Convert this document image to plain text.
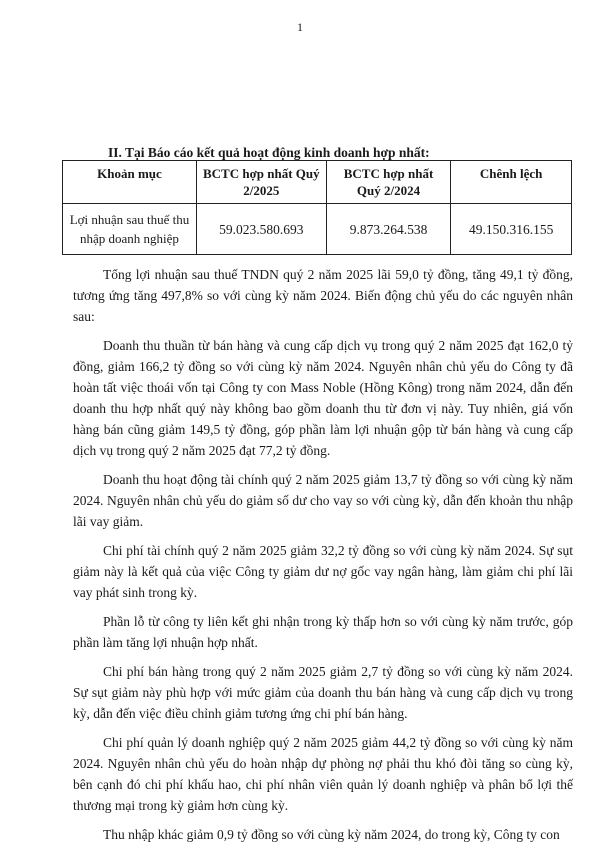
1
II. Tại Báo cáo kết quả hoạt động kinh doanh hợp nhất:
Khoản mục	BCTC hợp nhất Quý 2/2025	BCTC hợp nhất Quý 2/2024	Chênh lệch
Lợi nhuận sau thuế thu nhập doanh nghiệp	59.023.580.693	9.873.264.538	49.150.316.155

Tổng lợi nhuận sau thuế TNDN quý 2 năm 2025 lãi 59,0 tỷ đồng, tăng 49,1 tỷ đồng, tương ứng tăng 497,8% so với cùng kỳ năm 2024. Biến động chủ yếu do các nguyên nhân sau:

Doanh thu thuần từ bán hàng và cung cấp dịch vụ trong quý 2 năm 2025 đạt 162,0 tỷ đồng, giảm 166,2 tỷ đồng so với cùng kỳ năm 2024. Nguyên nhân chủ yếu do Công ty đã hoàn tất việc thoái vốn tại Công ty con Mass Noble (Hồng Kông) trong năm 2024, dẫn đến doanh thu hợp nhất quý này không bao gồm doanh thu từ đơn vị này. Tuy nhiên, giá vốn hàng bán cũng giảm 149,5 tỷ đồng, góp phần làm lợi nhuận gộp từ bán hàng và cung cấp dịch vụ trong quý 2 năm 2025 đạt 77,2 tỷ đồng.

Doanh thu hoạt động tài chính quý 2 năm 2025 giảm 13,7 tỷ đồng so với cùng kỳ năm 2024. Nguyên nhân chủ yếu do giảm số dư cho vay so với cùng kỳ, dẫn đến khoản thu nhập lãi vay giảm.

Chi phí tài chính quý 2 năm 2025 giảm 32,2 tỷ đồng so với cùng kỳ năm 2024. Sự sụt giảm này là kết quả của việc Công ty giảm dư nợ gốc vay ngân hàng, làm giảm chi phí lãi vay phát sinh trong kỳ.

Phần lỗ từ công ty liên kết ghi nhận trong kỳ thấp hơn so với cùng kỳ năm trước, góp phần làm tăng lợi nhuận hợp nhất.

Chi phí bán hàng trong quý 2 năm 2025 giảm 2,7 tỷ đồng so với cùng kỳ năm 2024. Sự sụt giảm này phù hợp với mức giảm của doanh thu bán hàng và cung cấp dịch vụ trong kỳ, dẫn đến việc điều chỉnh giảm tương ứng chi phí bán hàng.

Chi phí quản lý doanh nghiệp quý 2 năm 2025 giảm 44,2 tỷ đồng so với cùng kỳ năm 2024. Nguyên nhân chủ yếu do hoàn nhập dự phòng nợ phải thu khó đòi tăng so cùng kỳ, bên cạnh đó chi phí khấu hao, chi phí nhân viên quản lý doanh nghiệp và phân bổ lợi thế thương mại trong kỳ giảm hơn cùng kỳ.

Thu nhập khác giảm 0,9 tỷ đồng so với cùng kỳ năm 2024, do trong kỳ, Công ty con
